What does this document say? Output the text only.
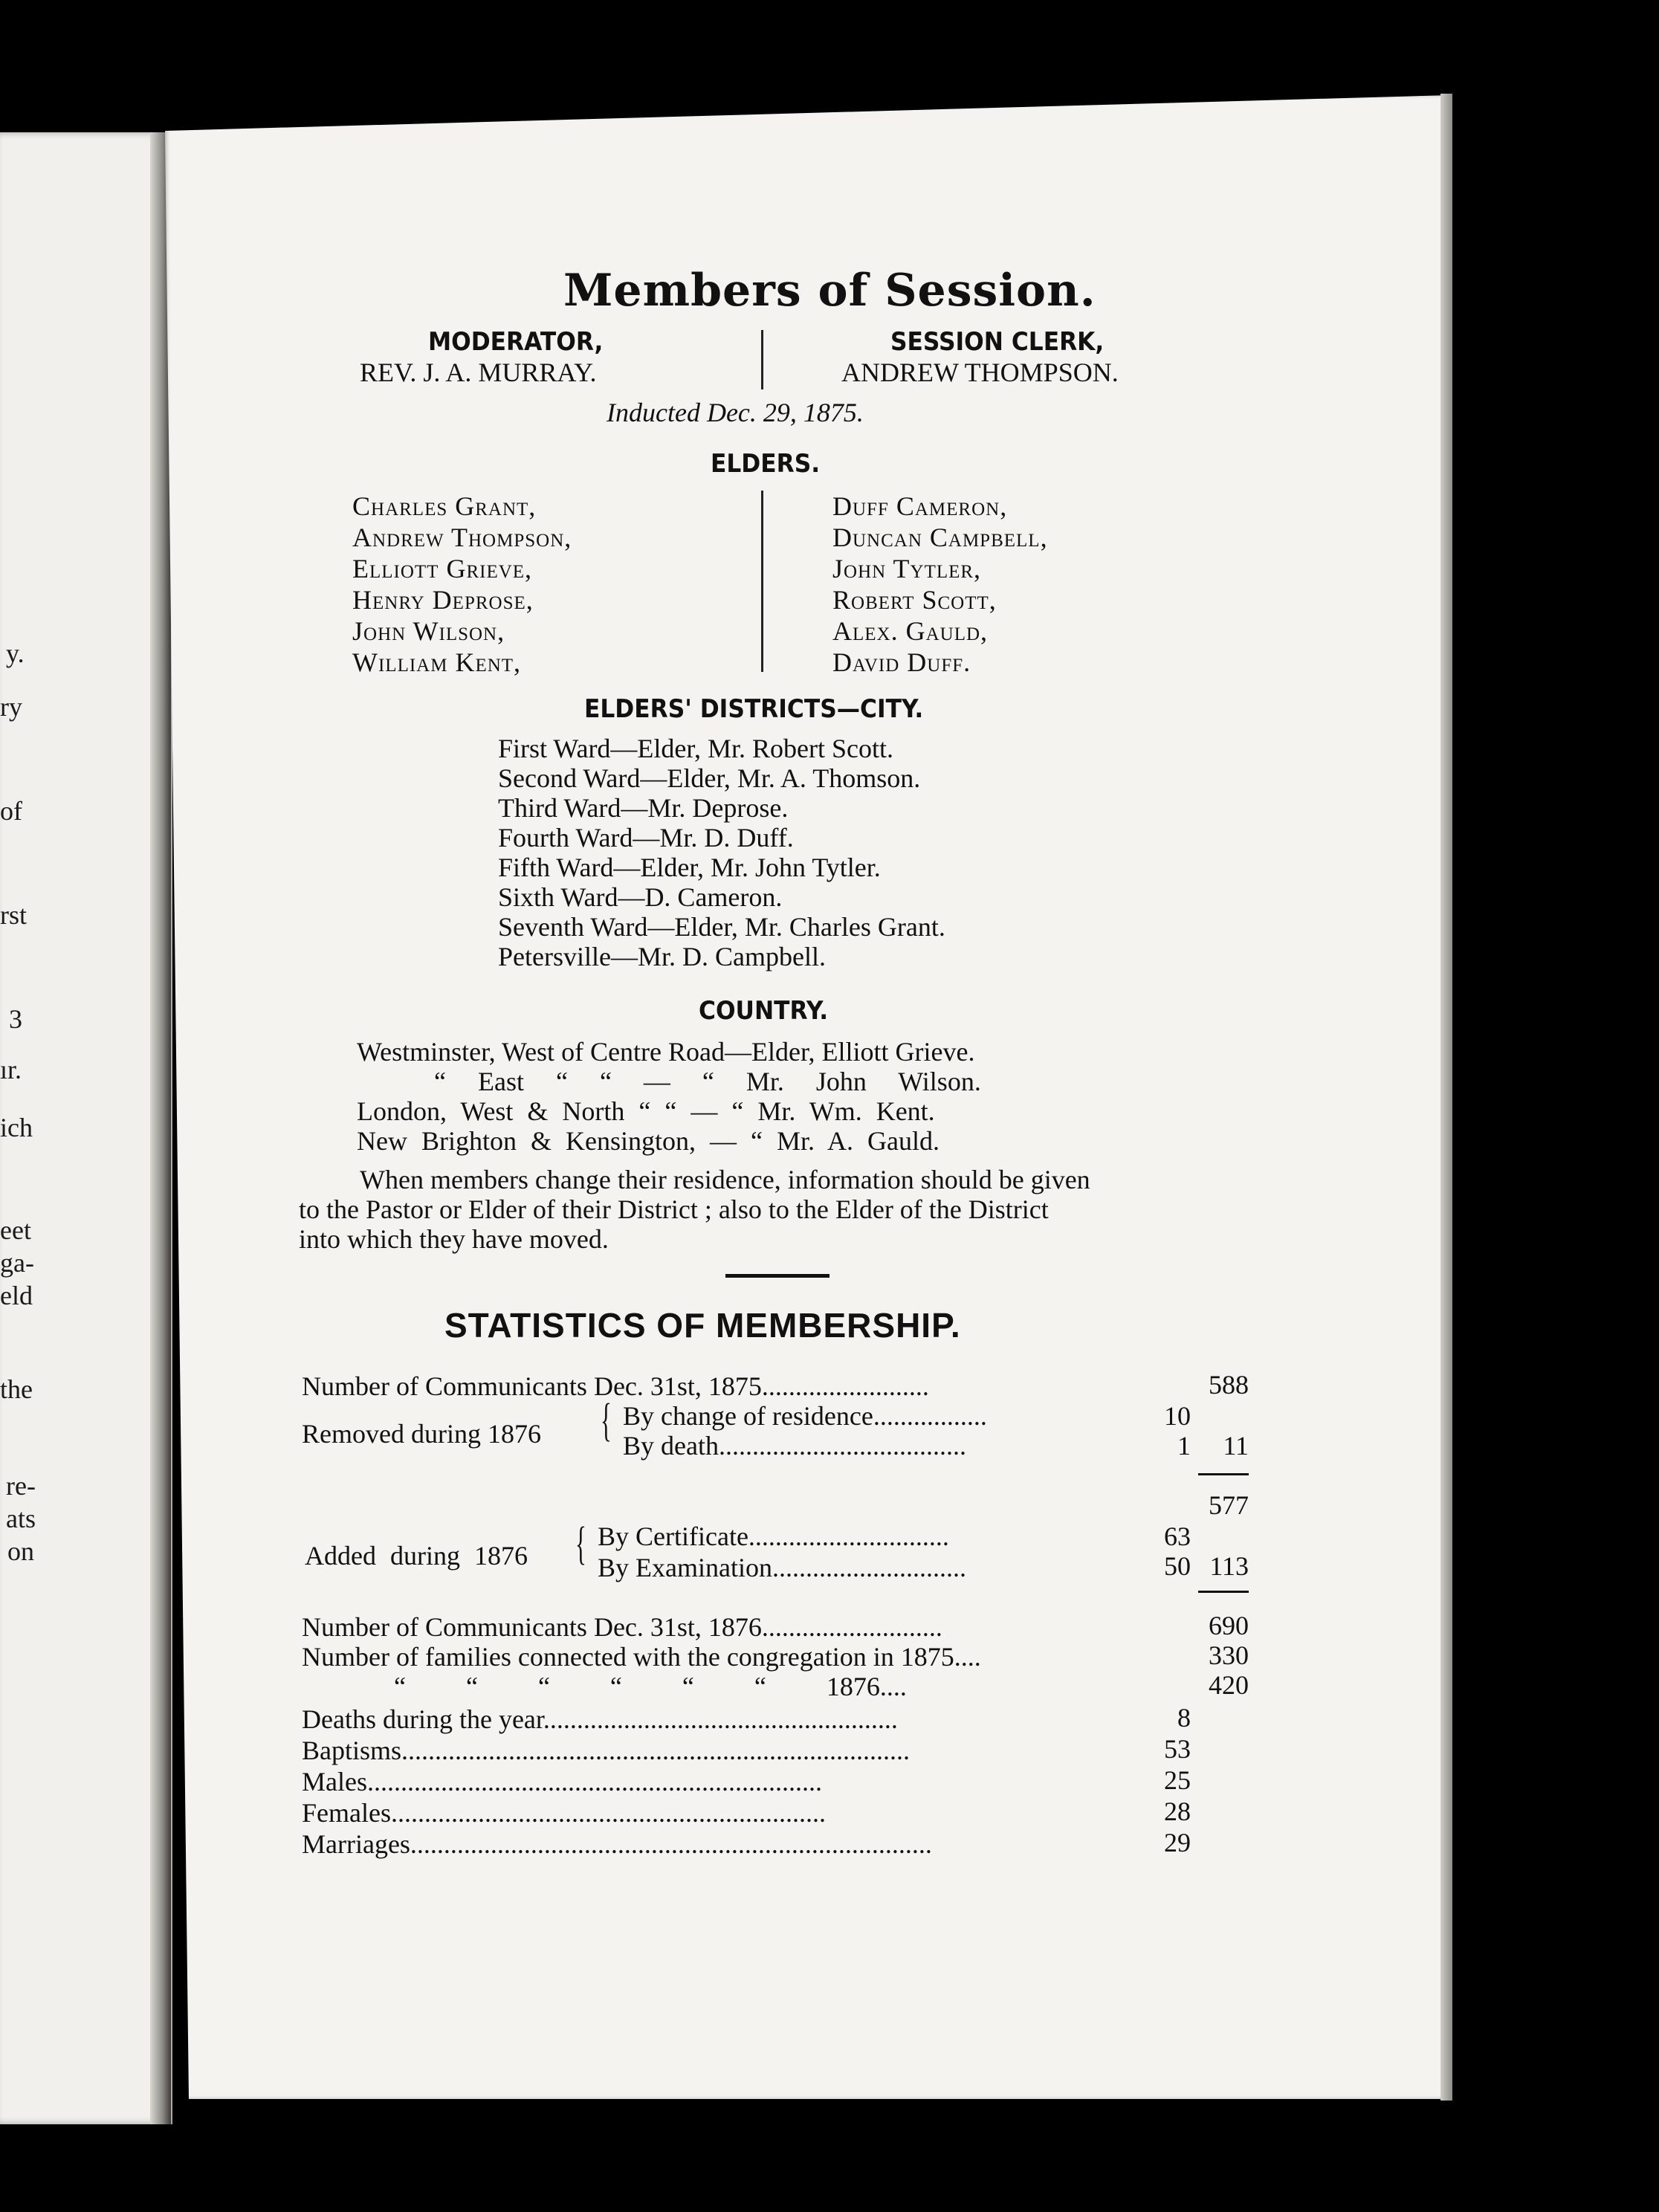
y.
ry
of
rst
3
ır.
ich
eet
ga-
eld
the
re-
ats
on
Members of Session.
MODERATOR,
REV. J. A. MURRAY.
SESSION CLERK,
ANDREW THOMPSON.
Inducted Dec. 29, 1875.
ELDERS.
Charles Grant,
Andrew Thompson,
Elliott Grieve,
Henry Deprose,
John Wilson,
William Kent,
Duff Cameron,
Duncan Campbell,
John Tytler,
Robert Scott,
Alex. Gauld,
David Duff.
ELDERS' DISTRICTS—CITY.
First Ward—Elder, Mr. Robert Scott.
Second Ward—Elder, Mr. A. Thomson.
Third Ward—Mr. Deprose.
Fourth Ward—Mr. D. Duff.
Fifth Ward—Elder, Mr. John Tytler.
Sixth Ward—D. Cameron.
Seventh Ward—Elder, Mr. Charles Grant.
Petersville—Mr. D. Campbell.
COUNTRY.
Westminster, West of Centre Road—Elder, Elliott Grieve.
“ East “ “ — “ Mr. John Wilson.
London, West & North “ “ — “ Mr. Wm. Kent.
New Brighton & Kensington, — “ Mr. A. Gauld.
When members change their residence, information should be given
to the Pastor or Elder of their District ; also to the Elder of the District
into which they have moved.
STATISTICS OF MEMBERSHIP.
Number of Communicants Dec. 31st, 1875.........................	588
Removed during 1876 { By change of residence.................	10
By death.....................................	1 11
577
Added during 1876 { By Certificate..............................	63
By Examination.............................	50 113
Number of Communicants Dec. 31st, 1876...........................	690
Number of families connected with the congregation in 1875....	330
“ “ “ “ “ “ 1876....	420
Deaths during the year.....................................................	8
Baptisms............................................................................	53
Males....................................................................	25
Females.................................................................	28
Marriages..............................................................................	29
